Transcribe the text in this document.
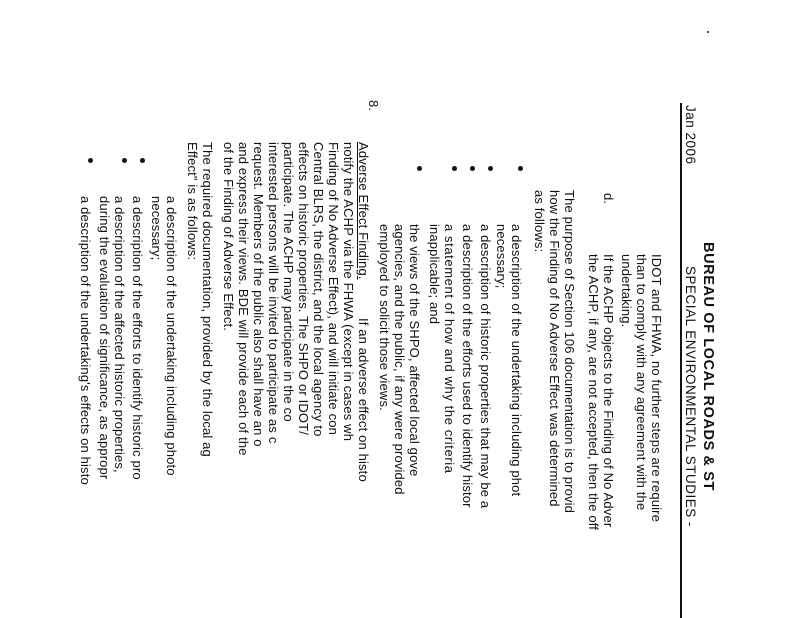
BUREAU OF LOCAL ROADS & ST
SPECIAL ENVIRONMENTAL STUDIES -
Jan 2006
IDOT and FHWA, no further steps are require
than to comply with any agreement with the
undertaking.
d.
If the ACHP objects to the Finding of No Adver
the ACHP, if any, are not accepted, then the off
The purpose of Section 106 documentation is to provid
how the Finding of No Adverse Effect was determined
as follows:
a description of the undertaking including phot
necessary;
a description of historic properties that may be a
a description of the efforts used to identify histor
a statement of how and why the criteria
inapplicable; and
the views of the SHPO, affected local gove
agencies, and the public, if any were provided
employed to solicit those views.
8.
Adverse Effect Finding.
If an adverse effect on histo
notify the ACHP via the FHWA (except in cases wh
Finding of No Adverse Effect), and will initiate con
Central BLRS, the district, and the local agency to
effects on historic properties. The SHPO or IDOT/
participate. The ACHP may participate in the co
interested persons will be invited to participate as c
request. Members of the public also shall have an o
and express their views. BDE will provide each of the
of the Finding of Adverse Effect.
The required documentation, provided by the local ag
Effect" is as follows:
a description of the undertaking including photo
necessary;
a description of the efforts to identify historic pro
a description of the affected historic properties,
during the evaluation of significance, as appropr
a description of the undertaking's effects on histo
